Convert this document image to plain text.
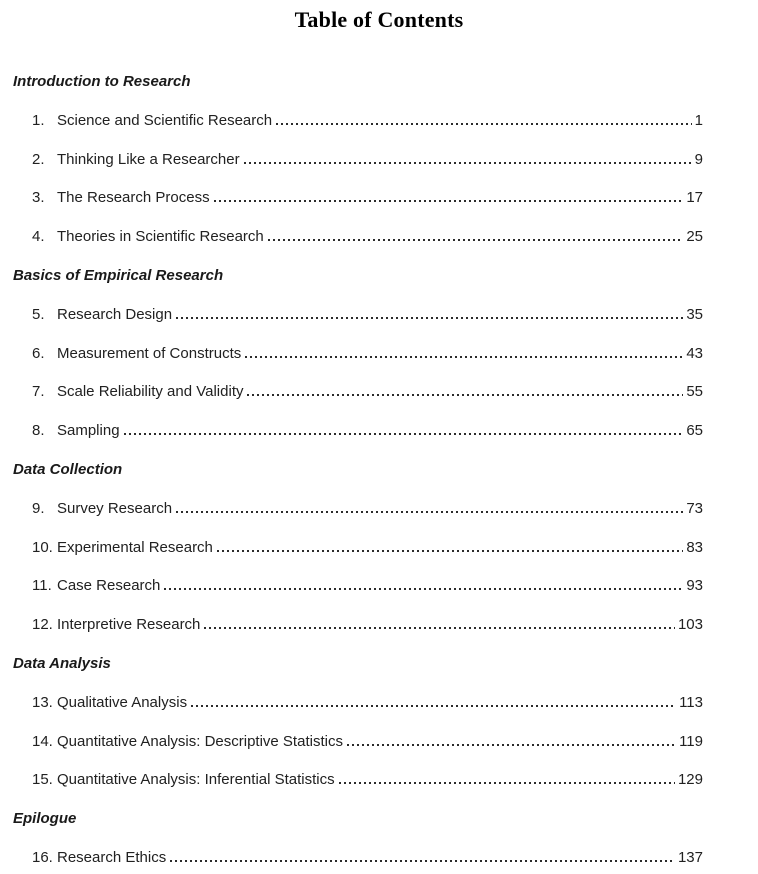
Table of Contents
Introduction to Research
1. Science and Scientific Research	1
2. Thinking Like a Researcher	9
3. The Research Process	17
4. Theories in Scientific Research	25
Basics of Empirical Research
5. Research Design	35
6. Measurement of Constructs	43
7. Scale Reliability and Validity	55
8. Sampling	65
Data Collection
9. Survey Research	73
10. Experimental Research	83
11. Case Research	93
12. Interpretive Research	103
Data Analysis
13. Qualitative Analysis	113
14. Quantitative Analysis: Descriptive Statistics	119
15. Quantitative Analysis: Inferential Statistics	129
Epilogue
16. Research Ethics	137
